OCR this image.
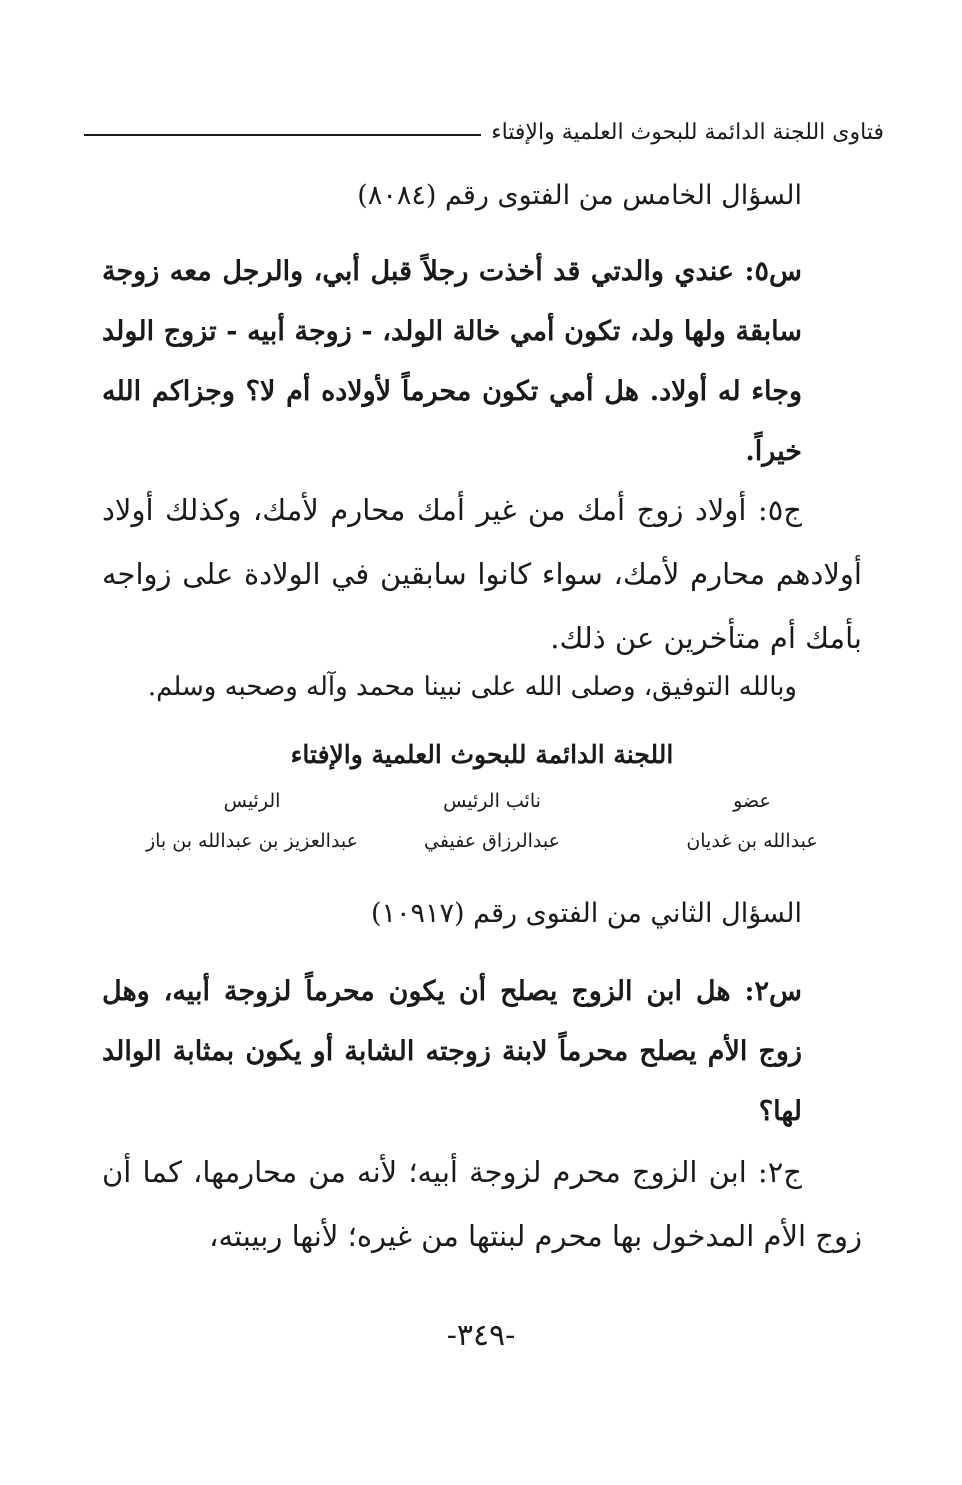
فتاوى اللجنة الدائمة للبحوث العلمية والإفتاء
السؤال الخامس من الفتوى رقم (٨٠٨٤)
س٥: عندي والدتي قد أخذت رجلاً قبل أبي، والرجل معه زوجة سابقة ولها ولد، تكون أمي خالة الولد، - زوجة أبيه - تزوج الولد وجاء له أولاد. هل أمي تكون محرماً لأولاده أم لا؟ وجزاكم الله خيراً.
ج٥: أولاد زوج أمك من غير أمك محارم لأمك، وكذلك أولاد أولادهم محارم لأمك، سواء كانوا سابقين في الولادة على زواجه بأمك أم متأخرين عن ذلك.
وبالله التوفيق، وصلى الله على نبينا محمد وآله وصحبه وسلم.
اللجنة الدائمة للبحوث العلمية والإفتاء
عضو
عبدالله بن غديان
نائب الرئيس
عبدالرزاق عفيفي
الرئيس
عبدالعزيز بن عبدالله بن باز
السؤال الثاني من الفتوى رقم (١٠٩١٧)
س٢: هل ابن الزوج يصلح أن يكون محرماً لزوجة أبيه، وهل زوج الأم يصلح محرماً لابنة زوجته الشابة أو يكون بمثابة الوالد لها؟
ج٢: ابن الزوج محرم لزوجة أبيه؛ لأنه من محارمها، كما أن زوج الأم المدخول بها محرم لبنتها من غيره؛ لأنها ربيبته،
-٣٤٩-
